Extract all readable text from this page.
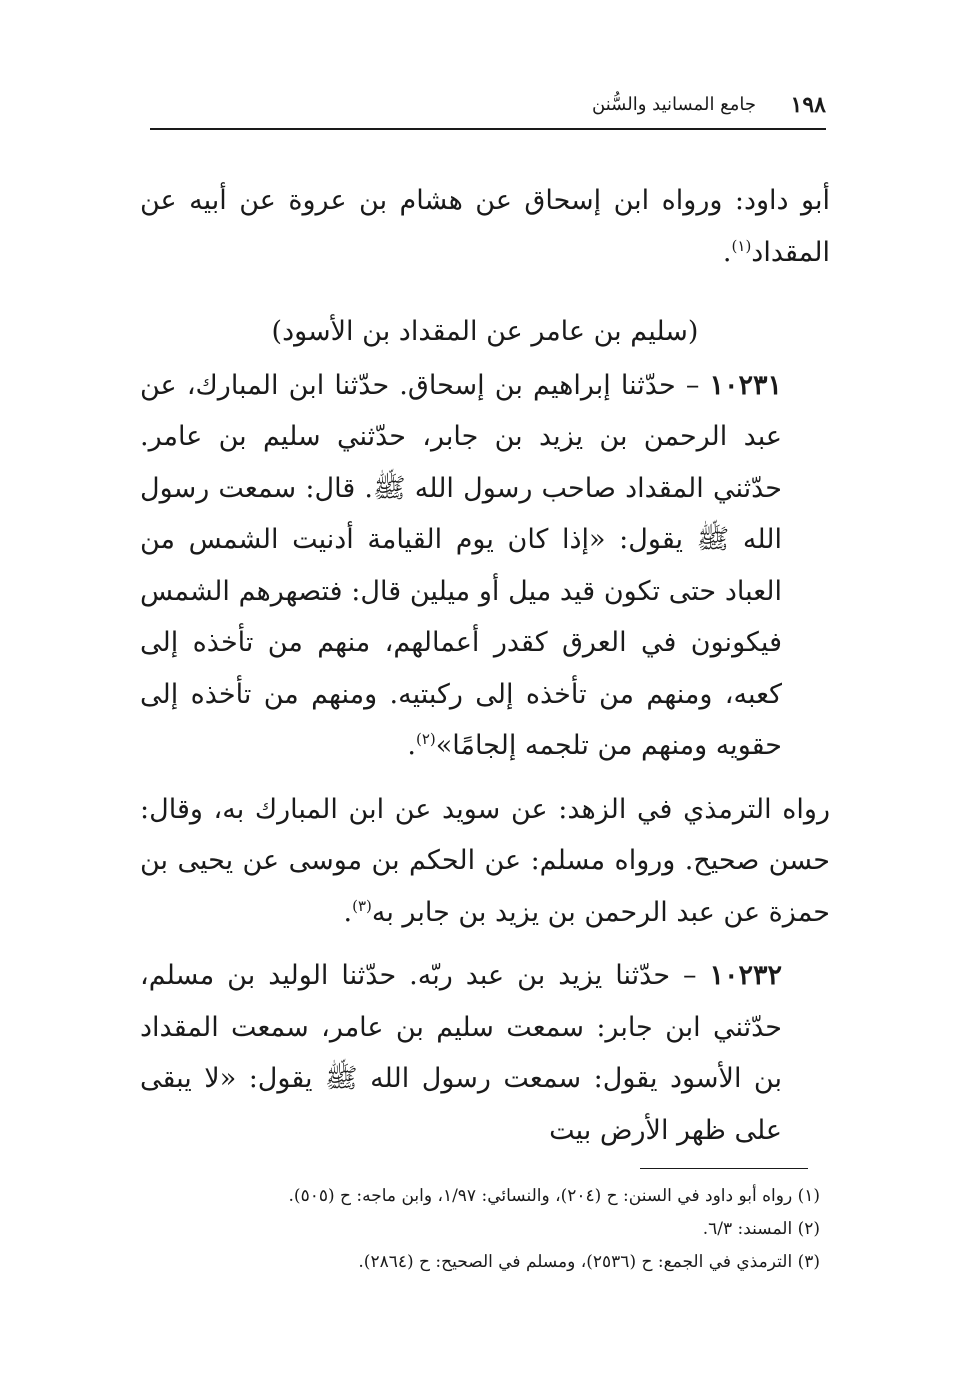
١٩٨
جامع المسانيد والسُّنن

أبو داود: ورواه ابن إسحاق عن هشام بن عروة عن أبيه عن المقداد$^{(١)}$.

(سليم بن عامر عن المقداد بن الأسود)

١٠٢٣١ – حدّثنا إبراهيم بن إسحاق. حدّثنا ابن المبارك، عن عبد الرحمن بن يزيد بن جابر، حدّثني سليم بن عامر. حدّثني المقداد صاحب رسول الله ﷺ. قال: سمعت رسول الله ﷺ يقول: «إذا كان يوم القيامة أدنيت الشمس من العباد حتى تكون قيد ميل أو ميلين قال: فتصهرهم الشمس فيكونون في العرق كقدر أعمالهم، منهم من تأخذه إلى كعبه، ومنهم من تأخذه إلى ركبتيه. ومنهم من تأخذه إلى حقويه ومنهم من تلجمه إلجامًا»$^{(٢)}$.

رواه الترمذي في الزهد: عن سويد عن ابن المبارك به، وقال: حسن صحيح. ورواه مسلم: عن الحكم بن موسى عن يحيى بن حمزة عن عبد الرحمن بن يزيد بن جابر به$^{(٣)}$.

١٠٢٣٢ – حدّثنا يزيد بن عبد ربّه. حدّثنا الوليد بن مسلم، حدّثني ابن جابر: سمعت سليم بن عامر، سمعت المقداد بن الأسود يقول: سمعت رسول الله ﷺ يقول: «لا يبقى على ظهر الأرض بيت

(١) رواه أبو داود في السنن: ح (٢٠٤)، والنسائي: ١/٩٧، وابن ماجه: ح (٥٠٥).

(٢) المسند: ٦/٣.

(٣) الترمذي في الجمع: ح (٢٥٣٦)، ومسلم في الصحيح: ح (٢٨٦٤).
